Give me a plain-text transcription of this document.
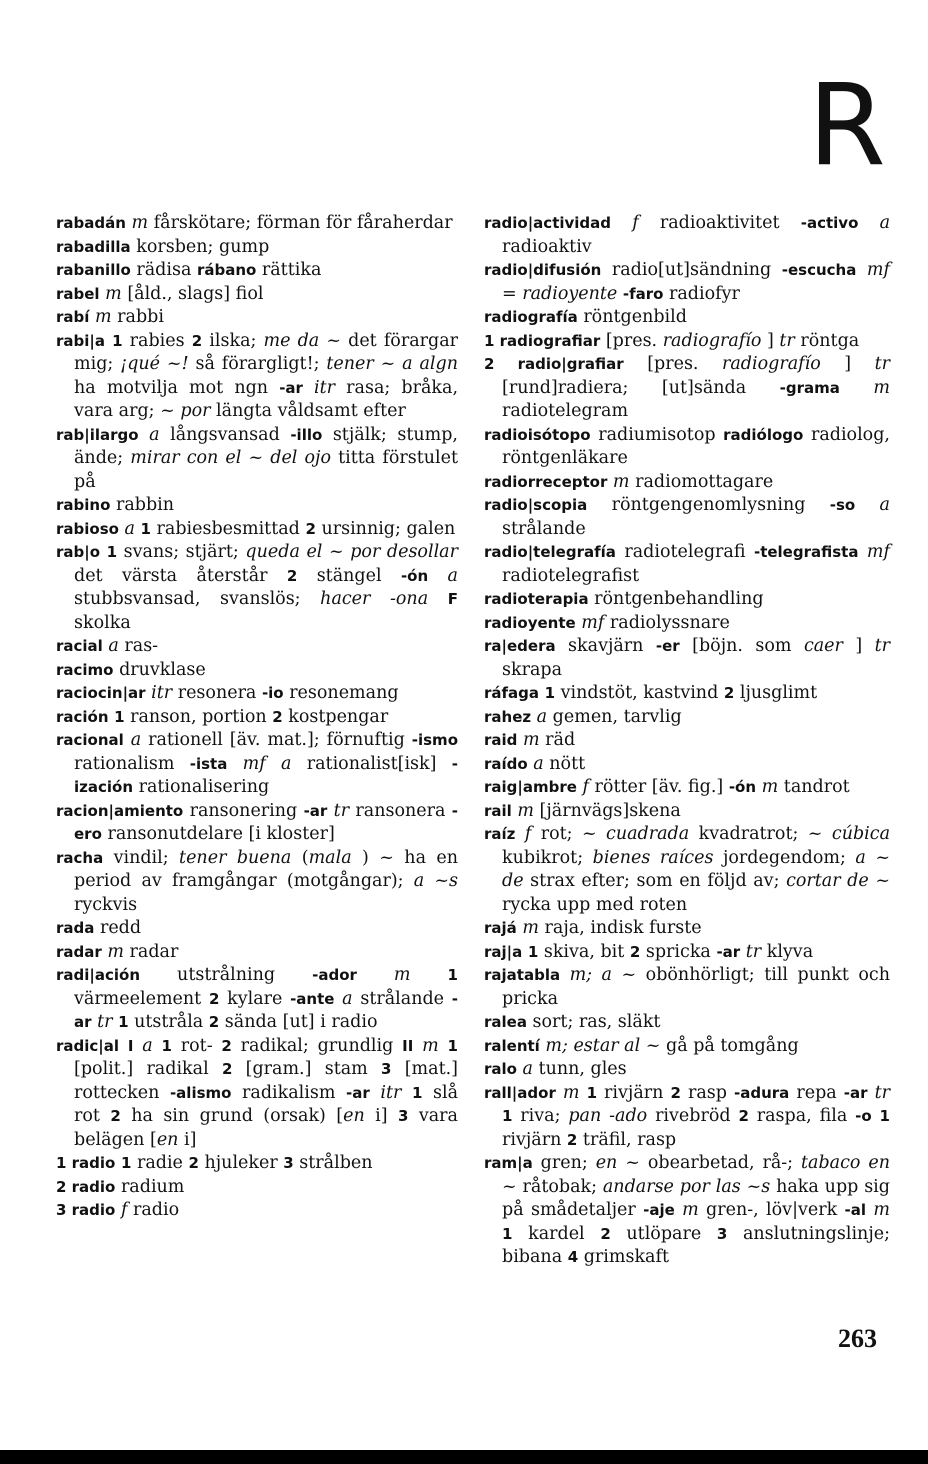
R

rabadán m fårskötare; förman för fåraherdar

rabadilla korsben; gump

rabanillo rädisa rábano rättika

rabel m [åld., slags] fiol

rabí m rabbi

rabi|a 1 rabies 2 ilska; me da ~ det förargar mig; ¡qué ~! så förargligt!; tener ~ a algn ha motvilja mot ngn -ar itr rasa; bråka, vara arg; ~ por längta våldsamt efter

rab|ilargo a långsvansad -illo stjälk; stump, ände; mirar con el ~ del ojo titta förstulet på

rabino rabbin

rabioso a 1 rabiesbesmittad 2 ursinnig; galen

rab|o 1 svans; stjärt; queda el ~ por desollar det värsta återstår 2 stängel -ón a stubbsvansad, svanslös; hacer -ona F skolka

racial a ras-

racimo druvklase

raciocin|ar itr resonera -io resonemang

ración 1 ranson, portion 2 kostpengar

racional a rationell [äv. mat.]; förnuftig -ismo rationalism -ista mf a rationalist[isk] -ización rationalisering

racion|amiento ransonering -ar tr ransonera -ero ransonutdelare [i kloster]

racha vindil; tener buena (mala ) ~ ha en period av framgångar (motgångar); a ~s ryckvis

rada redd

radar m radar

radi|ación utstrålning -ador m 1 värmeelement 2 kylare -ante a strålande -ar tr 1 utstråla 2 sända [ut] i radio

radic|al I a 1 rot- 2 radikal; grundlig II m 1 [polit.] radikal 2 [gram.] stam 3 [mat.] rottecken -alismo radikalism -ar itr 1 slå rot 2 ha sin grund (orsak) [en i] 3 vara belägen [en i]

1 radio 1 radie 2 hjuleker 3 strålben

2 radio radium

3 radio f radio

radio|actividad f radioaktivitet -activo a radioaktiv

radio|difusión radio[ut]sändning -escucha mf = radioyente -faro radiofyr

radiografía röntgenbild

1 radiografiar [pres. radiografío ] tr röntga

2 radio|grafiar [pres. radiografío ] tr [rund]radiera; [ut]sända -grama m radiotelegram

radioisótopo radiumisotop radiólogo radiolog, röntgenläkare

radiorreceptor m radiomottagare

radio|scopia röntgengenomlysning -so a strålande

radio|telegrafía radiotelegrafi -telegrafista mf radiotelegrafist

radioterapia röntgenbehandling

radioyente mf radiolyssnare

ra|edera skavjärn -er [böjn. som caer ] tr skrapa

ráfaga 1 vindstöt, kastvind 2 ljusglimt

rahez a gemen, tarvlig

raid m räd

raído a nött

raig|ambre f rötter [äv. fig.] -ón m tandrot

rail m [järnvägs]skena

raíz f rot; ~ cuadrada kvadratrot; ~ cúbica kubikrot; bienes raíces jordegendom; a ~ de strax efter; som en följd av; cortar de ~ rycka upp med roten

rajá m raja, indisk furste

raj|a 1 skiva, bit 2 spricka -ar tr klyva

rajatabla m; a ~ obönhörligt; till punkt och pricka

ralea sort; ras, släkt

ralentí m; estar al ~ gå på tomgång

ralo a tunn, gles

rall|ador m 1 rivjärn 2 rasp -adura repa -ar tr 1 riva; pan -ado rivebröd 2 raspa, fila -o 1 rivjärn 2 träfil, rasp

ram|a gren; en ~ obearbetad, rå-; tabaco en ~ råtobak; andarse por las ~s haka upp sig på smådetaljer -aje m gren-, löv|verk -al m 1 kardel 2 utlöpare 3 anslutningslinje; bibana 4 grimskaft

263
